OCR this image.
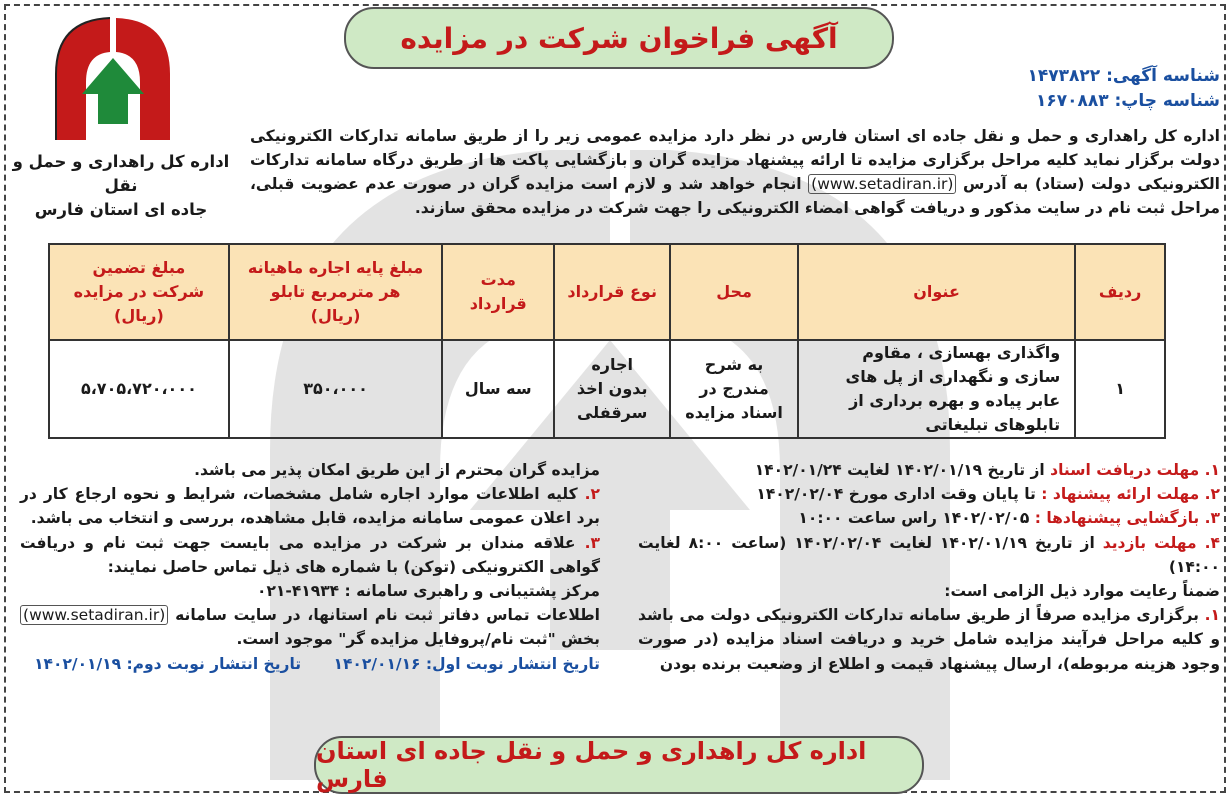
آگهی فراخوان شرکت در مزایده
اداره کل راهداری و حمل و نقل
جاده ای استان فارس
شناسه آگهی: ۱۴۷۳۸۲۲
شناسه چاپ: ۱۶۷۰۸۸۳
اداره کل راهداری و حمل و نقل جاده ای استان فارس در نظر دارد مزایده عمومی زیر را از طریق سامانه تدارکات الکترونیکی دولت برگزار نماید کلیه مراحل برگزاری مزایده تا ارائه پیشنهاد مزایده گران و بازگشایی پاکت ها از طریق درگاه سامانه تدارکات الکترونیکی دولت (ستاد) به آدرس (www.setadiran.ir) انجام خواهد شد و لازم است مزایده گران در صورت عدم عضویت قبلی، مراحل ثبت نام در سایت مذکور و دریافت گواهی امضاء الکترونیکی را جهت شرکت در مزایده محقق سازند.
ردیف	عنوان	محل	نوع قرارداد	مدت قرارداد	مبلغ پایه اجاره ماهیانه هر مترمربع تابلو (ریال)	مبلغ تضمین شرکت در مزایده (ریال)
۱	واگذاری بهسازی ، مقاوم سازی و نگهداری از پل های عابر پیاده و بهره برداری از تابلوهای تبلیغاتی	به شرح مندرج در اسناد مزایده	اجاره بدون اخذ سرقفلی	سه سال	۳۵۰،۰۰۰	۵،۷۰۵،۷۲۰،۰۰۰

۱. مهلت دریافت اسناد از تاریخ ۱۴۰۲/۰۱/۱۹ لغایت ۱۴۰۲/۰۱/۲۴

۲. مهلت ارائه پیشنهاد : تا پایان وقت اداری مورخ ۱۴۰۲/۰۲/۰۴

۳. بازگشایی پیشنهادها : ۱۴۰۲/۰۲/۰۵ راس ساعت ۱۰:۰۰

۴. مهلت بازدید از تاریخ ۱۴۰۲/۰۱/۱۹ لغایت ۱۴۰۲/۰۲/۰۴ (ساعت ۸:۰۰ لغایت ۱۴:۰۰)

ضمناً رعایت موارد ذیل الزامی است:

۱. برگزاری مزایده صرفاً از طریق سامانه تدارکات الکترونیکی دولت می باشد و کلیه مراحل فرآیند مزایده شامل خرید و دریافت اسناد مزایده (در صورت وجود هزینه مربوطه)، ارسال پیشنهاد قیمت و اطلاع از وضعیت برنده بودن

مزایده گران محترم از این طریق امکان پذیر می باشد.

۲. کلیه اطلاعات موارد اجاره شامل مشخصات، شرایط و نحوه ارجاع کار در برد اعلان عمومی سامانه مزایده، قابل مشاهده، بررسی و انتخاب می باشد.

۳. علاقه مندان بر شرکت در مزایده می بایست جهت ثبت نام و دریافت گواهی الکترونیکی (توکن) با شماره های ذیل تماس حاصل نمایند:

مرکز پشتیبانی و راهبری سامانه : ۴۱۹۳۴-۰۲۱

اطلاعات تماس دفاتر ثبت نام استانها، در سایت سامانه (www.setadiran.ir) بخش "ثبت نام/پروفایل مزایده گر" موجود است.

تاریخ انتشار نوبت اول: ۱۴۰۲/۰۱/۱۶      تاریخ انتشار نوبت دوم: ۱۴۰۲/۰۱/۱۹

اداره کل راهداری و حمل و نقل جاده ای استان فارس
